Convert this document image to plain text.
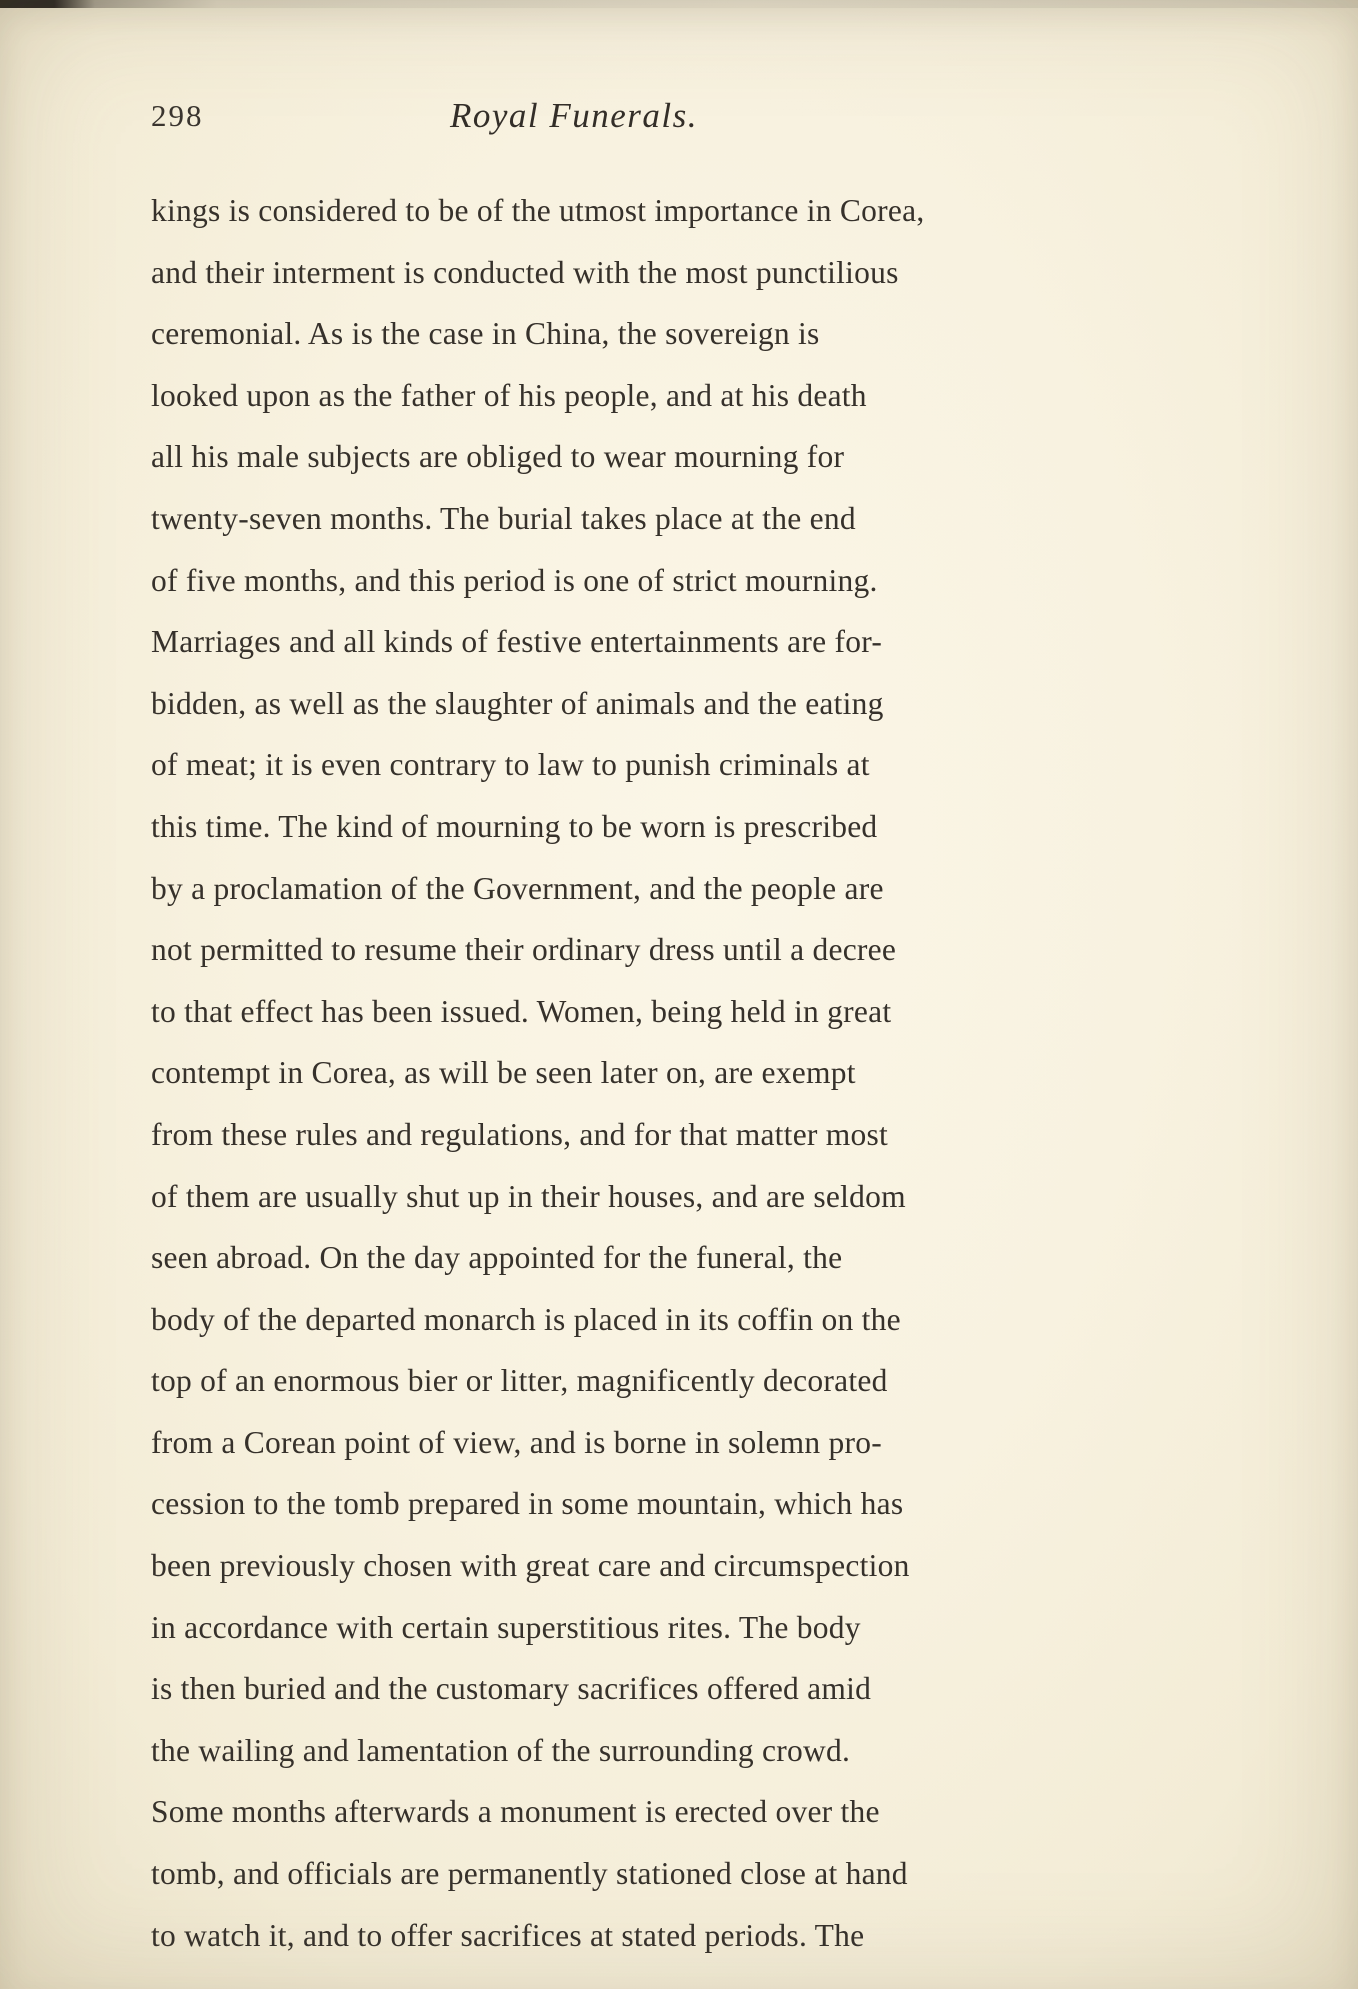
298	Royal Funerals.
kings is considered to be of the utmost importance in Corea,
and their interment is conducted with the most punctilious
ceremonial. As is the case in China, the sovereign is
looked upon as the father of his people, and at his death
all his male subjects are obliged to wear mourning for
twenty-seven months. The burial takes place at the end
of five months, and this period is one of strict mourning.
Marriages and all kinds of festive entertainments are for-
bidden, as well as the slaughter of animals and the eating
of meat; it is even contrary to law to punish criminals at
this time. The kind of mourning to be worn is prescribed
by a proclamation of the Government, and the people are
not permitted to resume their ordinary dress until a decree
to that effect has been issued. Women, being held in great
contempt in Corea, as will be seen later on, are exempt
from these rules and regulations, and for that matter most
of them are usually shut up in their houses, and are seldom
seen abroad. On the day appointed for the funeral, the
body of the departed monarch is placed in its coffin on the
top of an enormous bier or litter, magnificently decorated
from a Corean point of view, and is borne in solemn pro-
cession to the tomb prepared in some mountain, which has
been previously chosen with great care and circumspection
in accordance with certain superstitious rites. The body
is then buried and the customary sacrifices offered amid
the wailing and lamentation of the surrounding crowd.
Some months afterwards a monument is erected over the
tomb, and officials are permanently stationed close at hand
to watch it, and to offer sacrifices at stated periods. The
